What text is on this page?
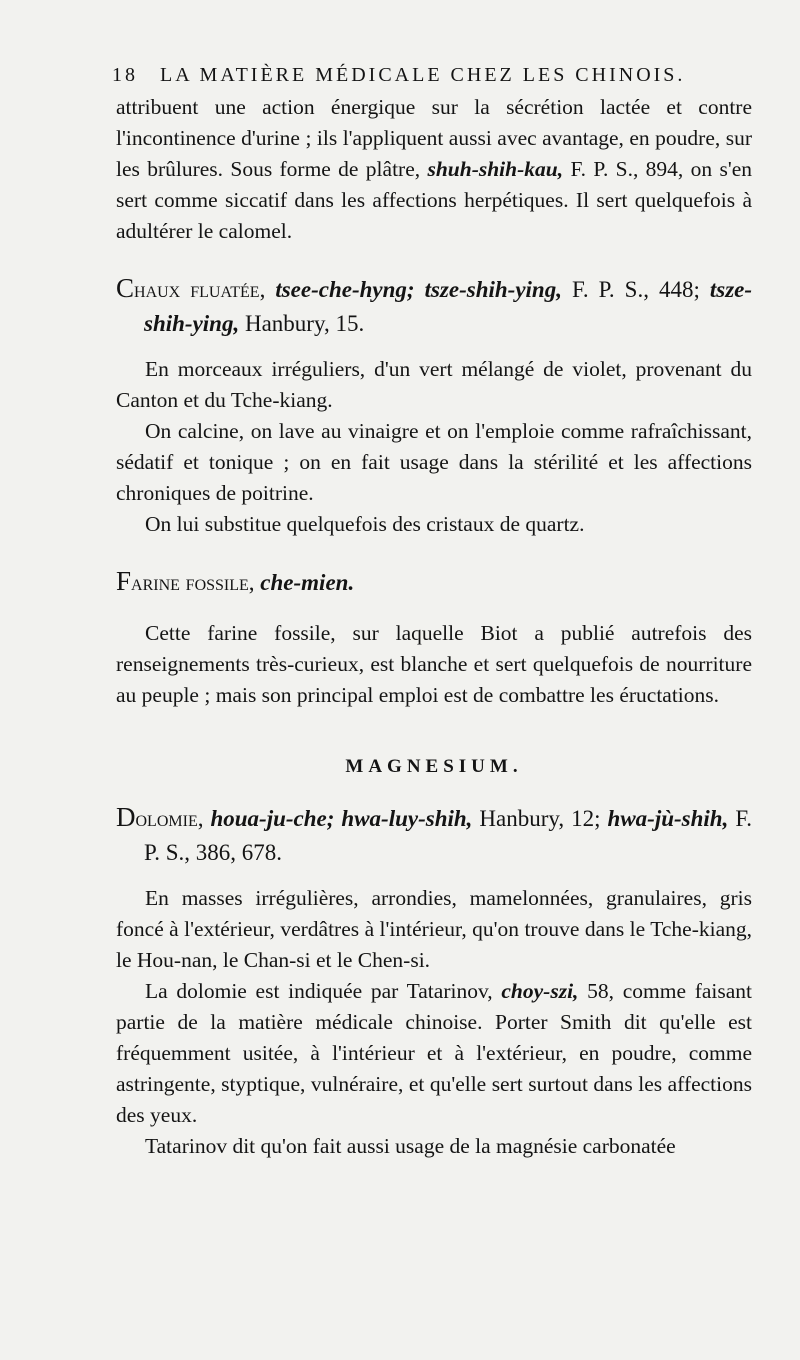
18 LA MATIÈRE MÉDICALE CHEZ LES CHINOIS.

attribuent une action énergique sur la sécrétion lactée et contre l'incontinence d'urine ; ils l'appliquent aussi avec avantage, en poudre, sur les brûlures. Sous forme de plâtre, shuh-shih-kau, F. P. S., 894, on s'en sert comme siccatif dans les affections herpétiques. Il sert quelquefois à adultérer le calomel.

Chaux fluatée, tsee-che-hyng; tsze-shih-ying, F. P. S., 448; tsze-shih-ying, Hanbury, 15.

En morceaux irréguliers, d'un vert mélangé de violet, provenant du Canton et du Tche-kiang.

On calcine, on lave au vinaigre et on l'emploie comme rafraîchissant, sédatif et tonique ; on en fait usage dans la stérilité et les affections chroniques de poitrine.

On lui substitue quelquefois des cristaux de quartz.

Farine fossile, che-mien.

Cette farine fossile, sur laquelle Biot a publié autrefois des renseignements très-curieux, est blanche et sert quelquefois de nourriture au peuple ; mais son principal emploi est de combattre les éructations.

MAGNESIUM.

Dolomie, houa-ju-che; hwa-luy-shih, Hanbury, 12; hwa-jù-shih, F. P. S., 386, 678.

En masses irrégulières, arrondies, mamelonnées, granulaires, gris foncé à l'extérieur, verdâtres à l'intérieur, qu'on trouve dans le Tche-kiang, le Hou-nan, le Chan-si et le Chen-si.

La dolomie est indiquée par Tatarinov, choy-szi, 58, comme faisant partie de la matière médicale chinoise. Porter Smith dit qu'elle est fréquemment usitée, à l'intérieur et à l'extérieur, en poudre, comme astringente, styptique, vulnéraire, et qu'elle sert surtout dans les affections des yeux.

Tatarinov dit qu'on fait aussi usage de la magnésie carbonatée
